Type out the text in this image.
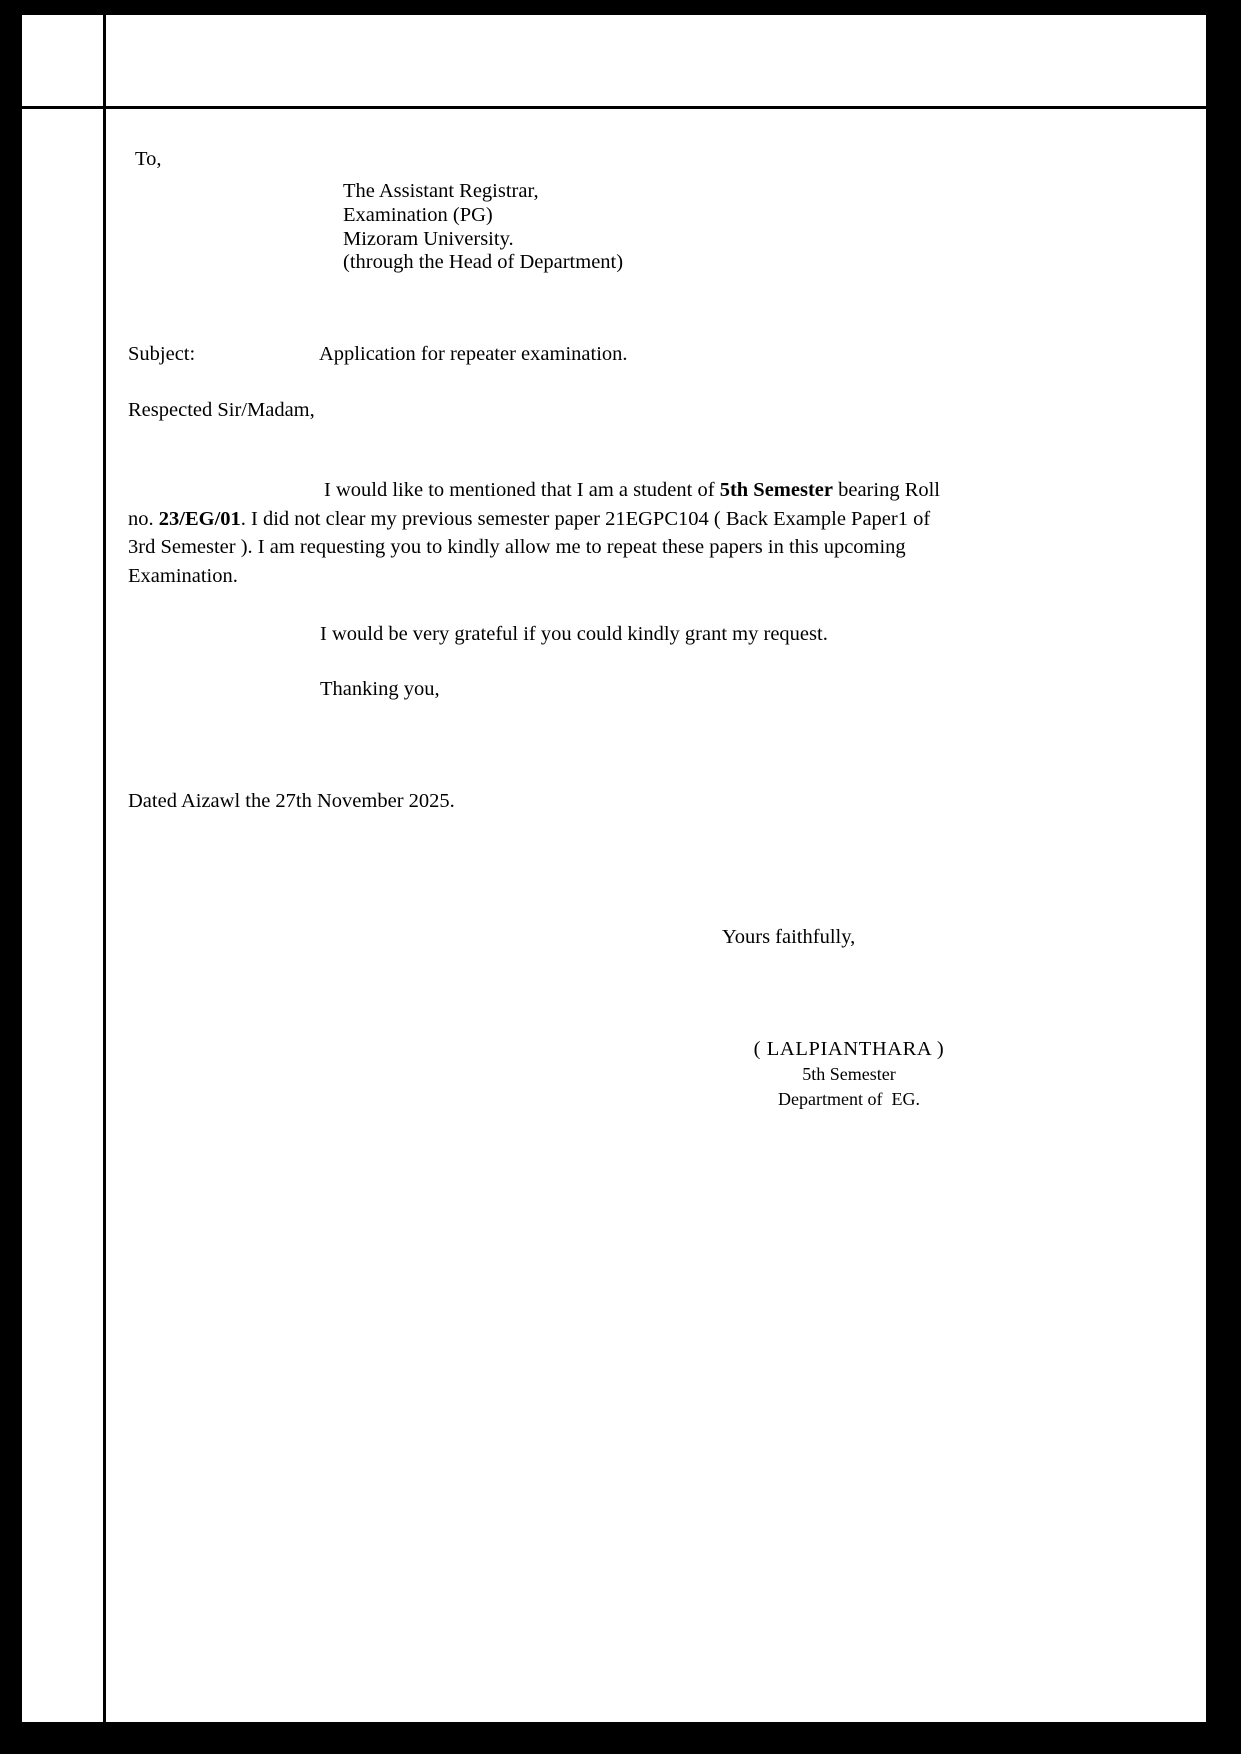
To,
The Assistant Registrar,
Examination (PG)
Mizoram University.
(through the Head of Department)
Subject:	Application for repeater examination.
Respected Sir/Madam,
I would like to mentioned that I am a student of 5th Semester bearing Roll no. 23/EG/01. I did not clear my previous semester paper 21EGPC104 ( Back Example Paper1 of 3rd Semester ). I am requesting you to kindly allow me to repeat these papers in this upcoming Examination.
I would be very grateful if you could kindly grant my request.
Thanking you,
Dated Aizawl the 27th November 2025.
Yours faithfully,
( LALPIANTHARA )
5th Semester
Department of  EG.
